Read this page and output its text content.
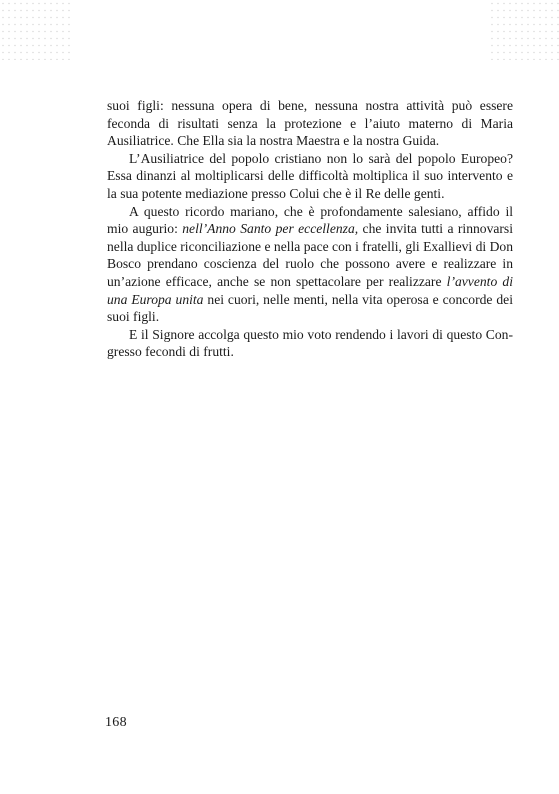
suoi figli: nessuna opera di bene, nessuna nostra attività può essere feconda di risultati senza la protezione e l’aiuto materno di Maria Ausiliatrice. Che Ella sia la nostra Maestra e la nostra Guida.

L’Ausiliatrice del popolo cristiano non lo sarà del popolo Europeo? Essa dinanzi al moltiplicarsi delle difficoltà moltiplica il suo intervento e la sua potente mediazione presso Colui che è il Re delle genti.

A questo ricordo mariano, che è profondamente salesiano, affido il mio augurio: nell’Anno Santo per eccellenza, che invita tutti a rinnovarsi nella duplice riconciliazione e nella pace con i fratelli, gli Exallievi di Don Bosco prendano coscienza del ruolo che possono avere e realizzare in un’azione efficace, anche se non spettacolare per realizzare l’avvento di una Europa unita nei cuori, nelle menti, nella vita operosa e concorde dei suoi figli.

E il Signore accolga questo mio voto rendendo i lavori di questo Congresso fecondi di frutti.

168
